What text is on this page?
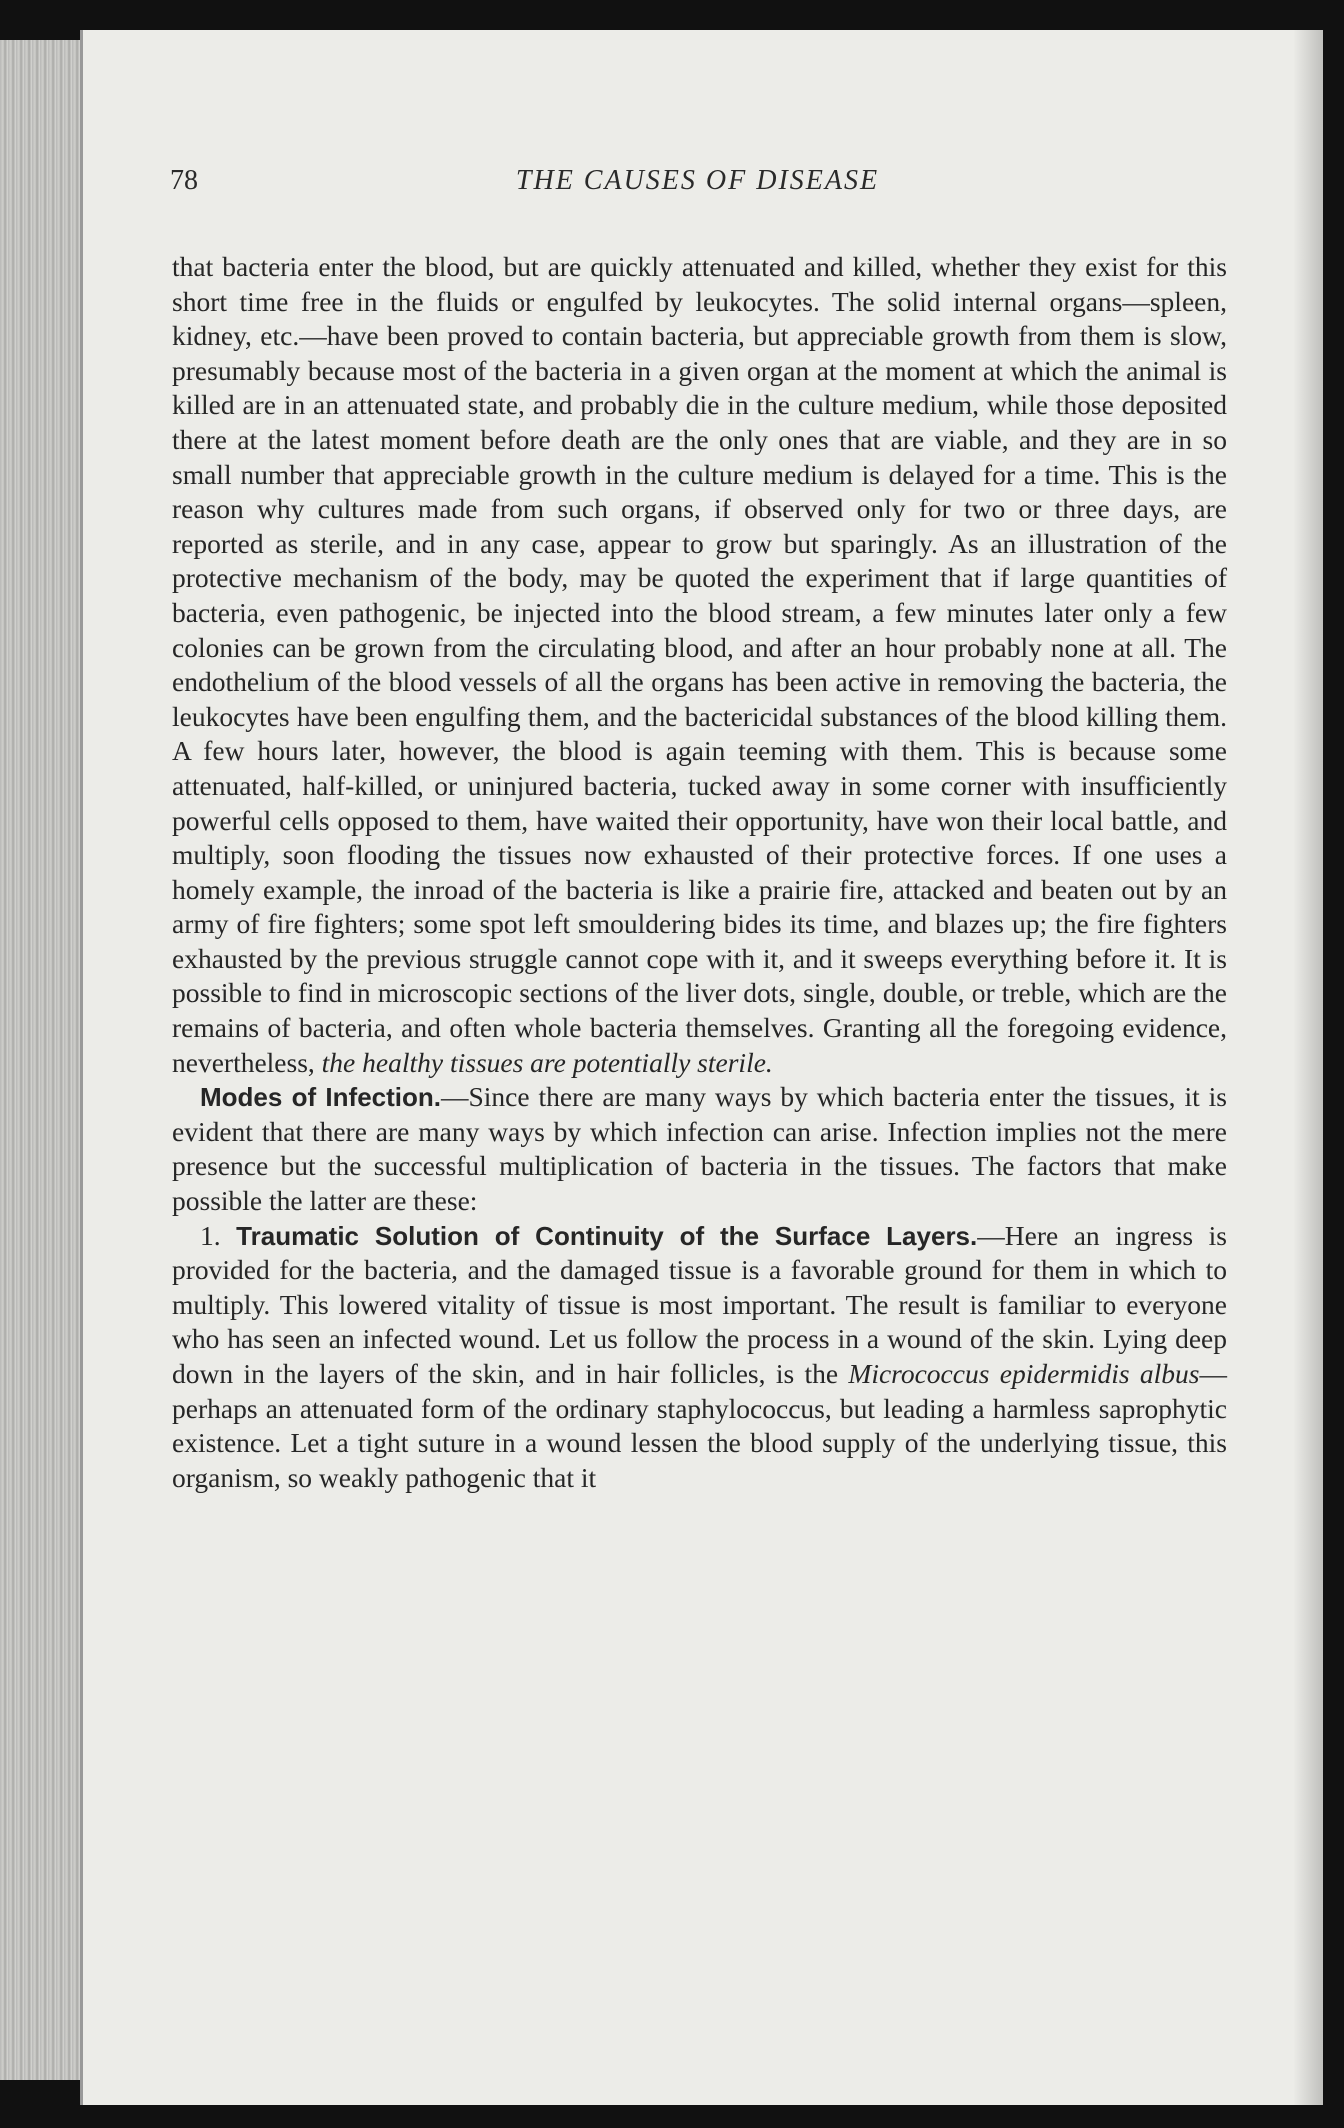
78	THE CAUSES OF DISEASE

that bacteria enter the blood, but are quickly attenuated and killed, whether they exist for this short time free in the fluids or engulfed by leukocytes. The solid internal organs—spleen, kidney, etc.—have been proved to contain bacteria, but appreciable growth from them is slow, presumably because most of the bacteria in a given organ at the moment at which the animal is killed are in an attenuated state, and probably die in the culture medium, while those deposited there at the latest moment before death are the only ones that are viable, and they are in so small number that appreciable growth in the culture medium is delayed for a time. This is the reason why cultures made from such organs, if observed only for two or three days, are reported as sterile, and in any case, appear to grow but sparingly. As an illustration of the protective mechanism of the body, may be quoted the experiment that if large quantities of bacteria, even pathogenic, be injected into the blood stream, a few minutes later only a few colonies can be grown from the circulating blood, and after an hour probably none at all. The endothelium of the blood vessels of all the organs has been active in removing the bacteria, the leukocytes have been engulfing them, and the bactericidal substances of the blood killing them. A few hours later, however, the blood is again teeming with them. This is because some attenuated, half-killed, or uninjured bacteria, tucked away in some corner with insufficiently powerful cells opposed to them, have waited their opportunity, have won their local battle, and multiply, soon flooding the tissues now exhausted of their protective forces. If one uses a homely example, the inroad of the bacteria is like a prairie fire, attacked and beaten out by an army of fire fighters; some spot left smouldering bides its time, and blazes up; the fire fighters exhausted by the previous struggle cannot cope with it, and it sweeps everything before it. It is possible to find in microscopic sections of the liver dots, single, double, or treble, which are the remains of bacteria, and often whole bacteria themselves. Granting all the foregoing evidence, nevertheless, the healthy tissues are potentially sterile.

Modes of Infection.—Since there are many ways by which bacteria enter the tissues, it is evident that there are many ways by which infection can arise. Infection implies not the mere presence but the successful multiplication of bacteria in the tissues. The factors that make possible the latter are these:

1. Traumatic Solution of Continuity of the Surface Layers.—Here an ingress is provided for the bacteria, and the damaged tissue is a favorable ground for them in which to multiply. This lowered vitality of tissue is most important. The result is familiar to everyone who has seen an infected wound. Let us follow the process in a wound of the skin. Lying deep down in the layers of the skin, and in hair follicles, is the Micrococcus epidermidis albus—perhaps an attenuated form of the ordinary staphylococcus, but leading a harmless saprophytic existence. Let a tight suture in a wound lessen the blood supply of the underlying tissue, this organism, so weakly pathogenic that it
